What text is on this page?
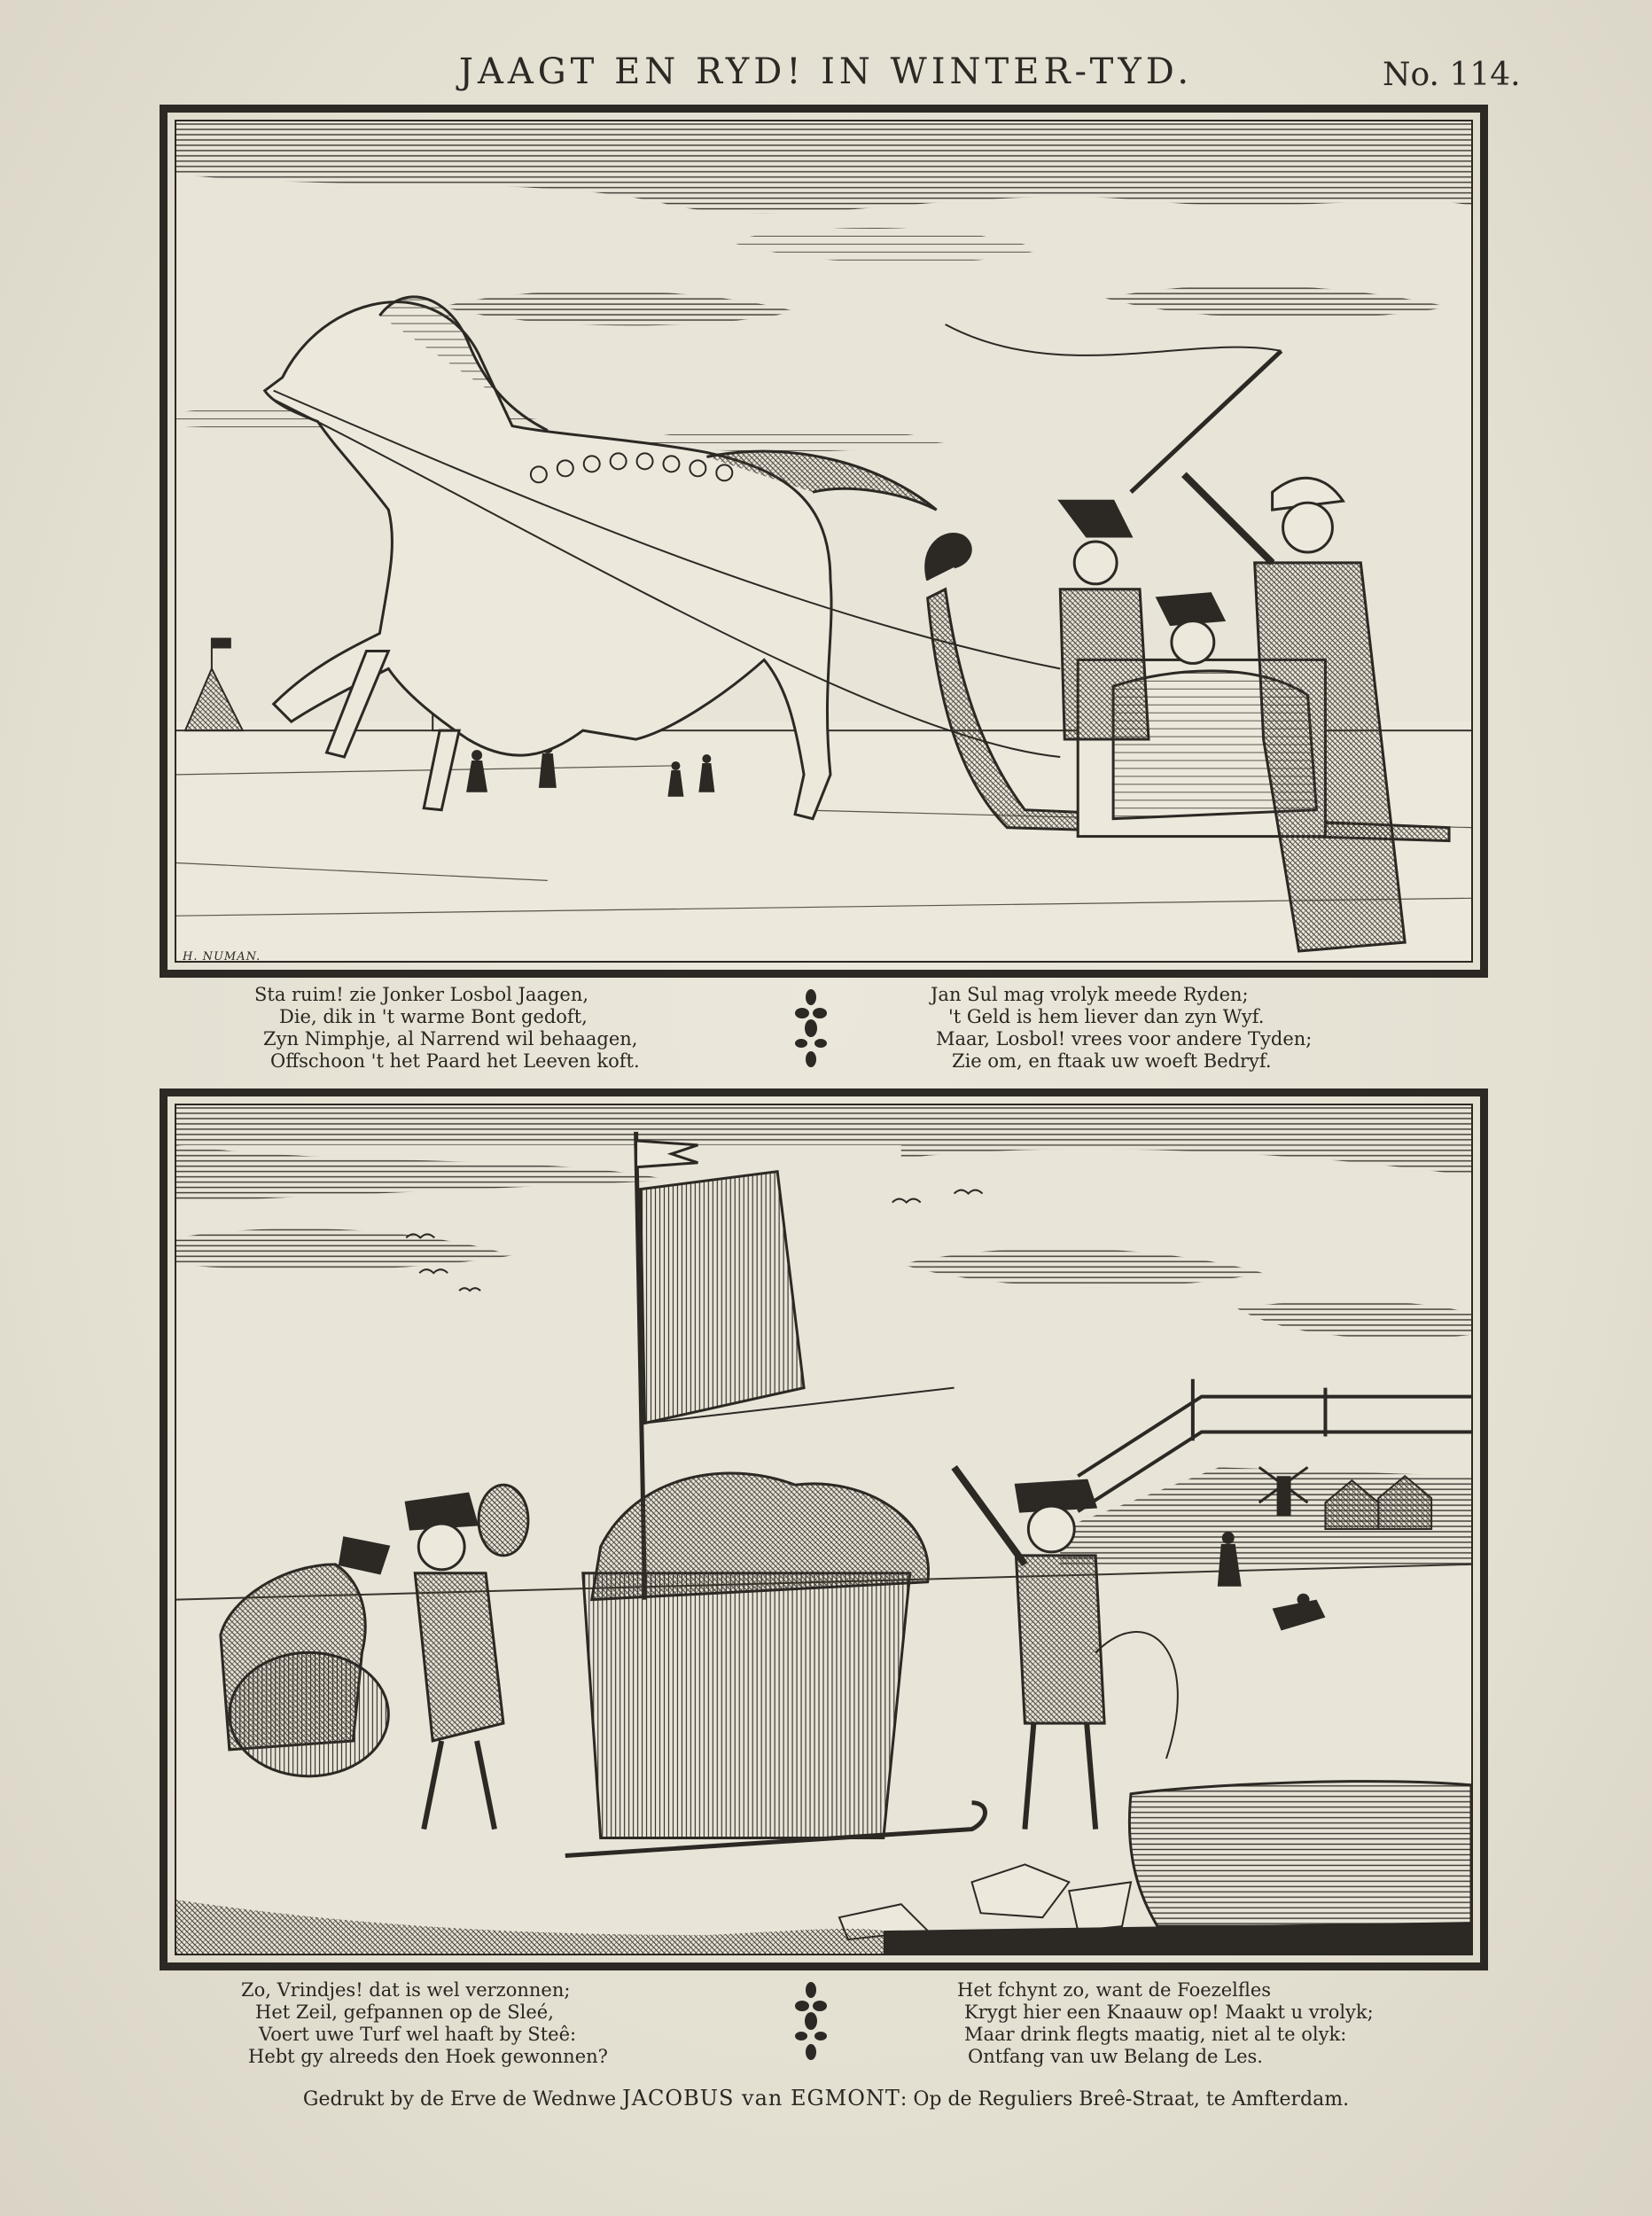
JAAGT EN RYD! IN WINTER-TYD.	No. 114.
H. NUMAN.
Sta ruim! zie Jonker Losbol Jaagen,
Die, dik in 't warme Bont gedoft,
Zyn Nimphje, al Narrend wil behaagen,
Offschoon 't het Paard het Leeven koft.
Jan Sul mag vrolyk meede Ryden;
't Geld is hem liever dan zyn Wyf.
Maar, Losbol! vrees voor andere Tyden;
Zie om, en ftaak uw woeft Bedryf.
H. NUMAN.
Zo, Vrindjes! dat is wel verzonnen;
Het Zeil, gefpannen op de Sleé,
Voert uwe Turf wel haaft by Steê:
Hebt gy alreeds den Hoek gewonnen?
Het fchynt zo, want de Foezelfles
Krygt hier een Knaauw op! Maakt u vrolyk;
Maar drink flegts maatig, niet al te olyk:
Ontfang van uw Belang de Les.
Gedrukt by de Erve de Wednwe JACOBUS van EGMONT: Op de Reguliers Breê-Straat, te Amfterdam.
